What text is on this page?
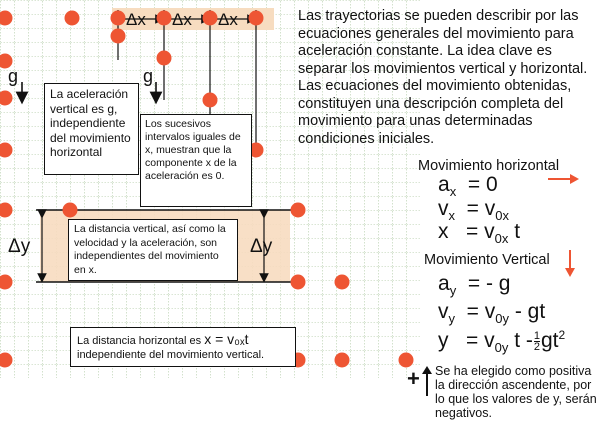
Δx Δx Δx
g	g
Δy	Δy
La aceleración vertical es g, independiente del movimiento horizontal
Los sucesivos intervalos iguales de x, muestran que la componente x de la aceleración es 0.
La distancia vertical, así como la velocidad y la aceleración, son independientes del movimiento en x.
La distancia horizontal es x = v₀ₓt
independiente del movimiento vertical.
Las trayectorias se pueden describir por las ecuaciones generales del movimiento para aceleración constante. La idea clave es separar los movimientos vertical y horizontal. Las ecuaciones del movimiento obtenidas, constituyen una descripción completa del movimiento para unas determinadas condiciones iniciales.
Movimiento horizontal
$a_x = 0$
$v_x = v_{0x}$
$x = v_{0x}$ t
Movimiento Vertical
$a_y$ = - g
$v_y = v_{0y}$ - gt
$y = v_{0y}$ t - $\frac{1}{2} gt^2$
+ Se ha elegido como positiva la dirección ascendente, por lo que los valores de y, serán negativos.
